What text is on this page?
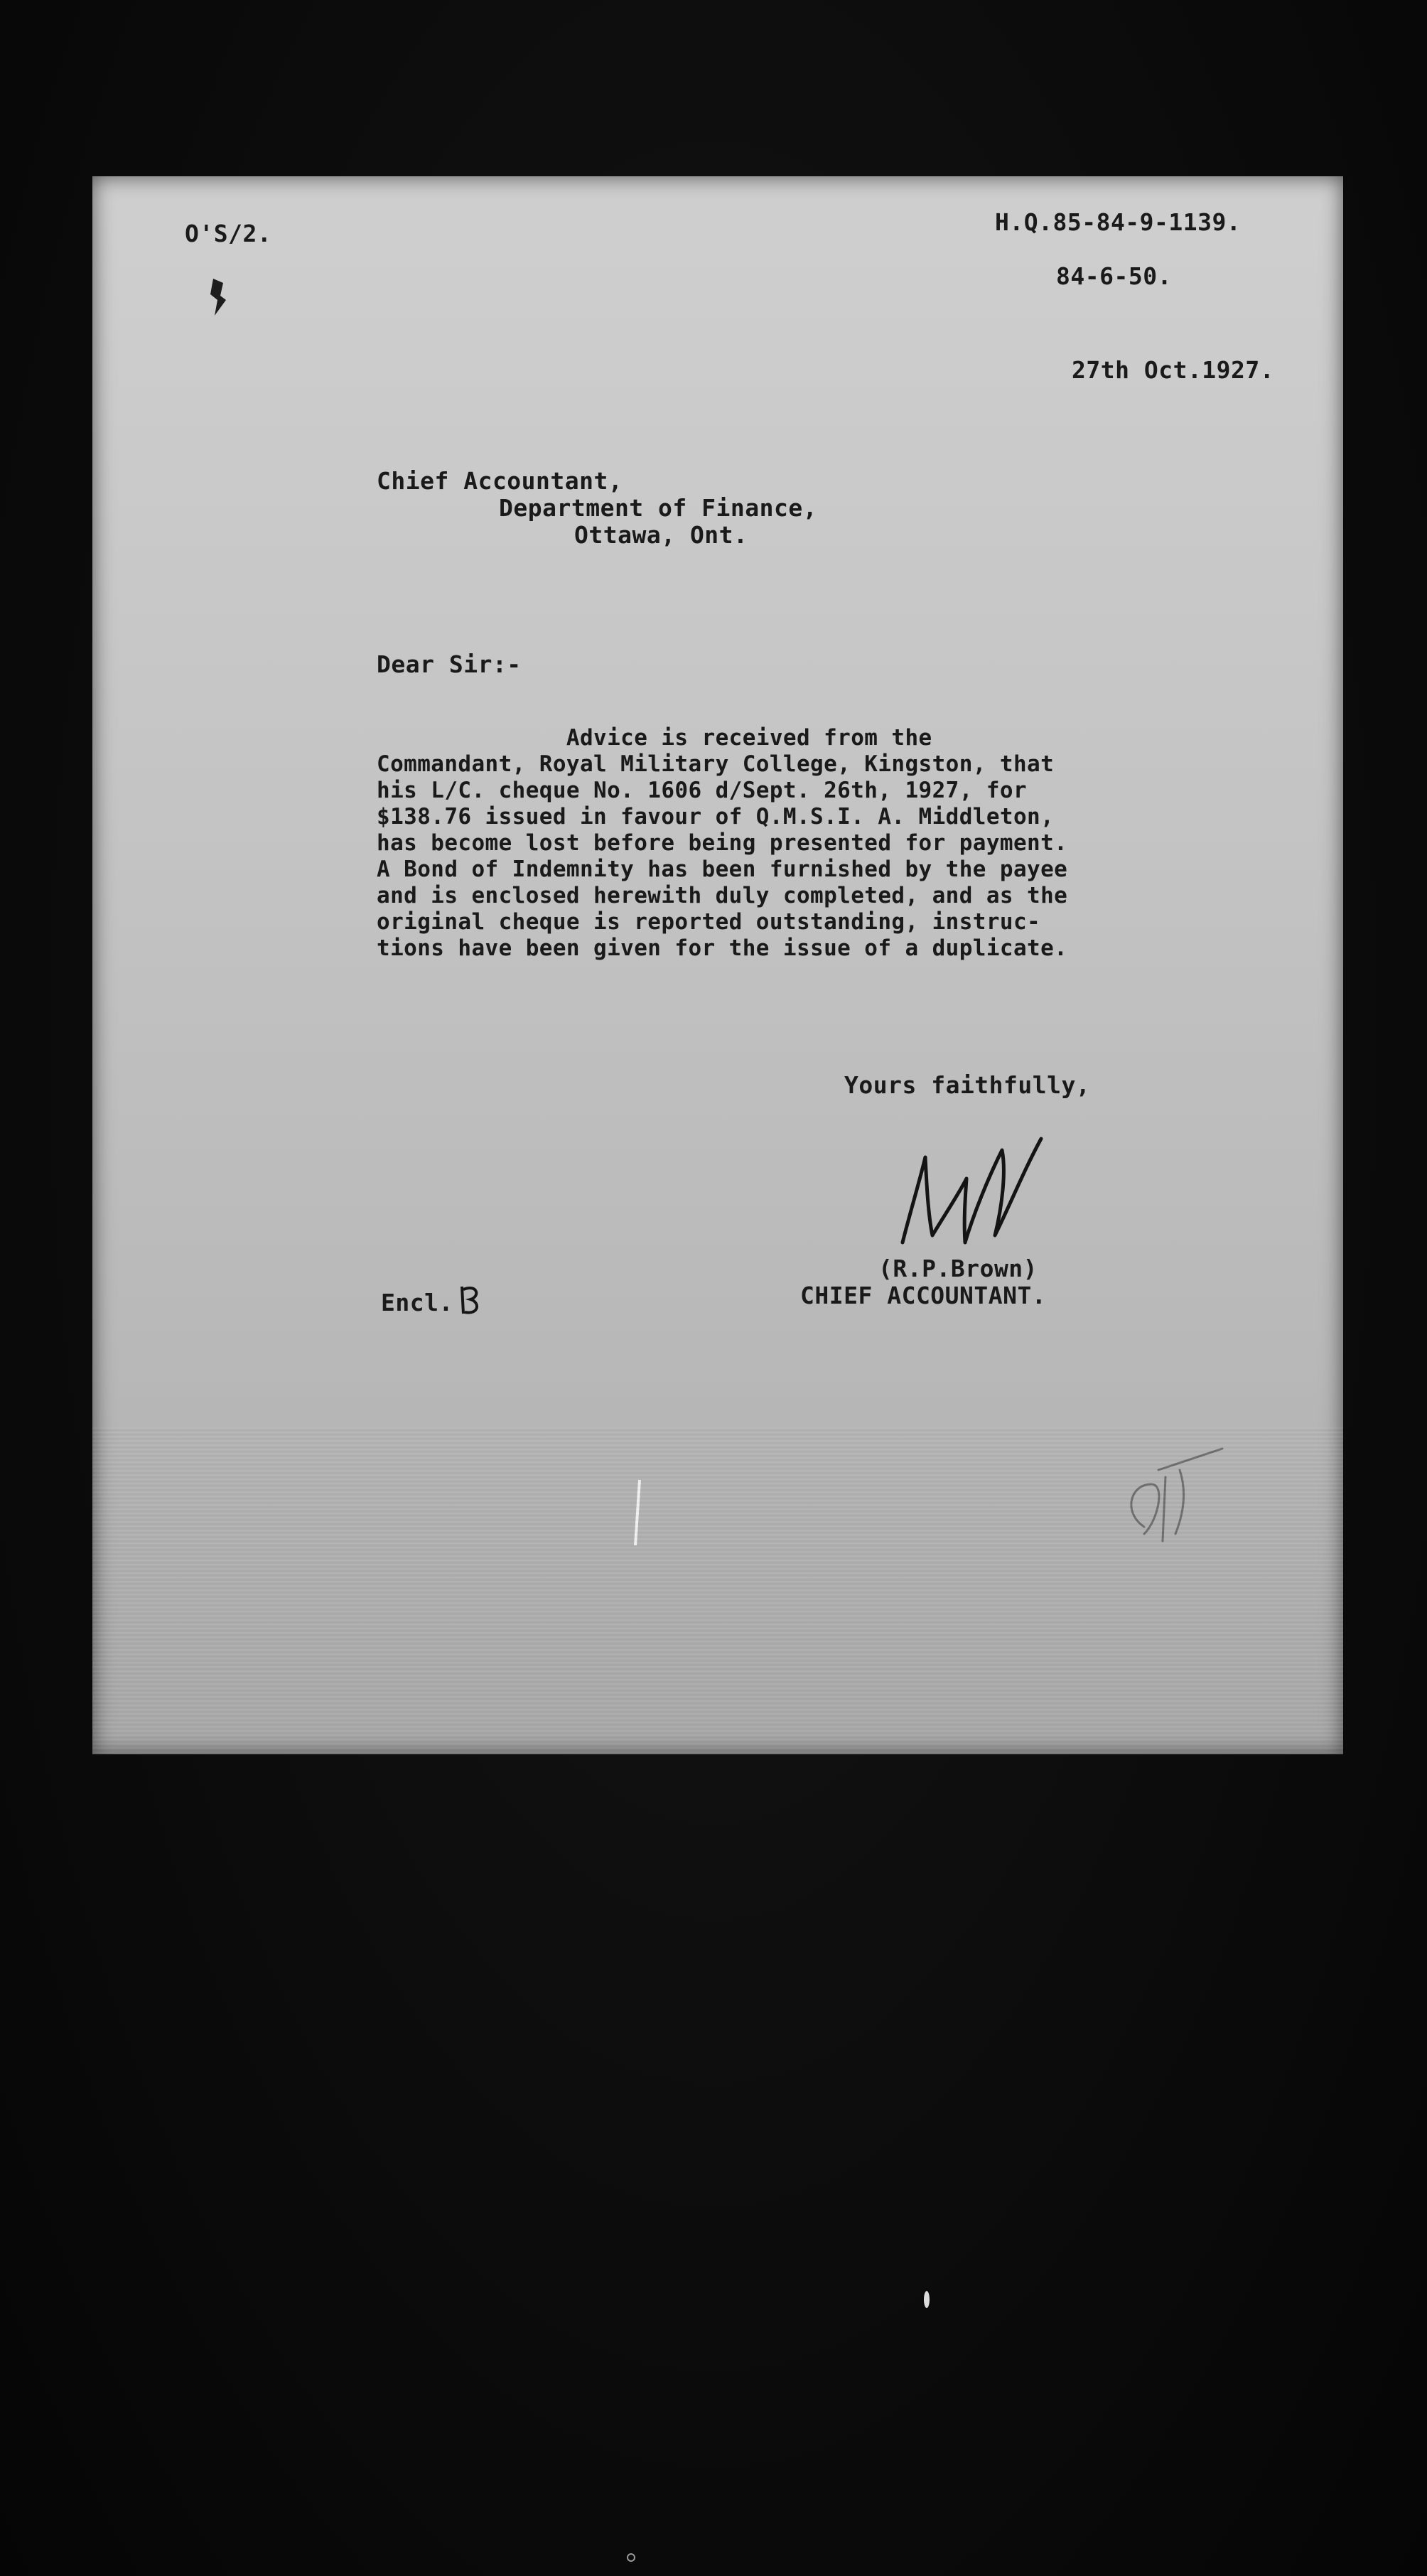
O'S/2.	H.Q.85-84-9-1139.
84-6-50.
27th Oct.1927.
Chief Accountant,
Department of Finance,
Ottawa, Ont.
Dear Sir:-
Advice is received from the
Commandant, Royal Military College, Kingston, that
his L/C. cheque No. 1606 d/Sept. 26th, 1927, for
$138.76 issued in favour of Q.M.S.I. A. Middleton,
has become lost before being presented for payment.
A Bond of Indemnity has been furnished by the payee
and is enclosed herewith duly completed, and as the
original cheque is reported outstanding, instruc-
tions have been given for the issue of a duplicate.
Yours faithfully,
(R.P.Brown)
CHIEF ACCOUNTANT.
Encl.
